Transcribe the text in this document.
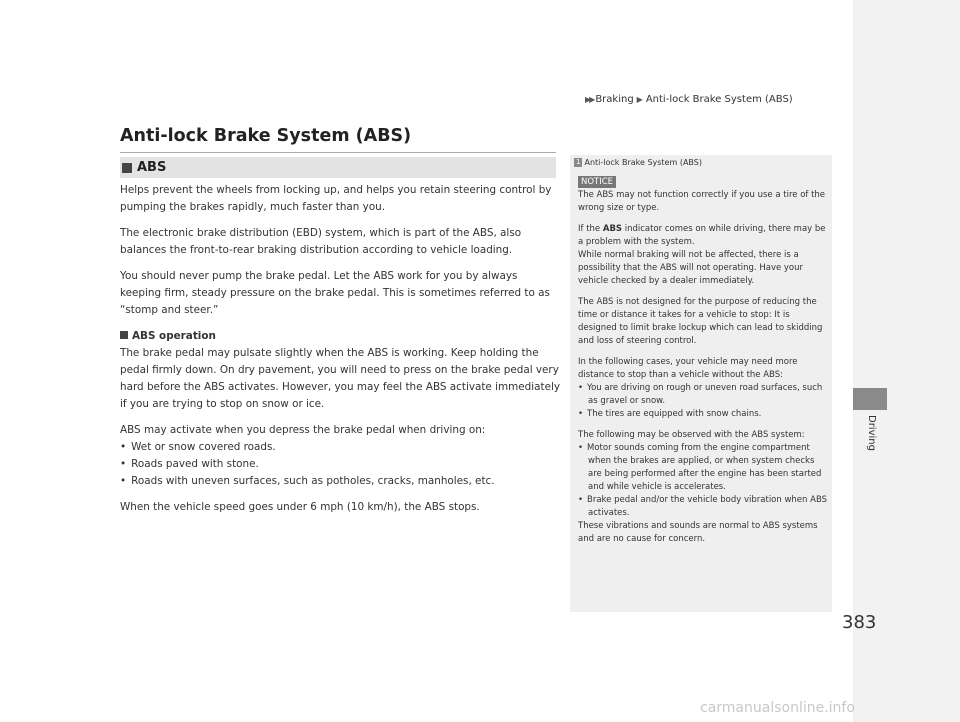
▶▶ Braking ▶ Anti-lock Brake System (ABS)
Anti-lock Brake System (ABS)
ABS

Helps prevent the wheels from locking up, and helps you retain steering control by pumping the brakes rapidly, much faster than you.

The electronic brake distribution (EBD) system, which is part of the ABS, also balances the front-to-rear braking distribution according to vehicle loading.

You should never pump the brake pedal. Let the ABS work for you by always keeping firm, steady pressure on the brake pedal. This is sometimes referred to as “stomp and steer.”

ABS operation

The brake pedal may pulsate slightly when the ABS is working. Keep holding the pedal firmly down. On dry pavement, you will need to press on the brake pedal very hard before the ABS activates. However, you may feel the ABS activate immediately if you are trying to stop on snow or ice.

ABS may activate when you depress the brake pedal when driving on:

• Wet or snow covered roads.
• Roads paved with stone.
• Roads with uneven surfaces, such as potholes, cracks, manholes, etc.

When the vehicle speed goes under 6 mph (10 km/h), the ABS stops.

1 Anti-lock Brake System (ABS)
NOTICE

The ABS may not function correctly if you use a tire of the wrong size or type.

If the ABS indicator comes on while driving, there may be a problem with the system.

While normal braking will not be affected, there is a possibility that the ABS will not operating. Have your vehicle checked by a dealer immediately.

The ABS is not designed for the purpose of reducing the time or distance it takes for a vehicle to stop: It is designed to limit brake lockup which can lead to skidding and loss of steering control.

In the following cases, your vehicle may need more distance to stop than a vehicle without the ABS:

• You are driving on rough or uneven road surfaces, such as gravel or snow.
• The tires are equipped with snow chains.

The following may be observed with the ABS system:

• Motor sounds coming from the engine compartment when the brakes are applied, or when system checks are being performed after the engine has been started and while vehicle is accelerates.
• Brake pedal and/or the vehicle body vibration when ABS activates.

These vibrations and sounds are normal to ABS systems and are no cause for concern.

Driving
383
carmanualsonline.info
